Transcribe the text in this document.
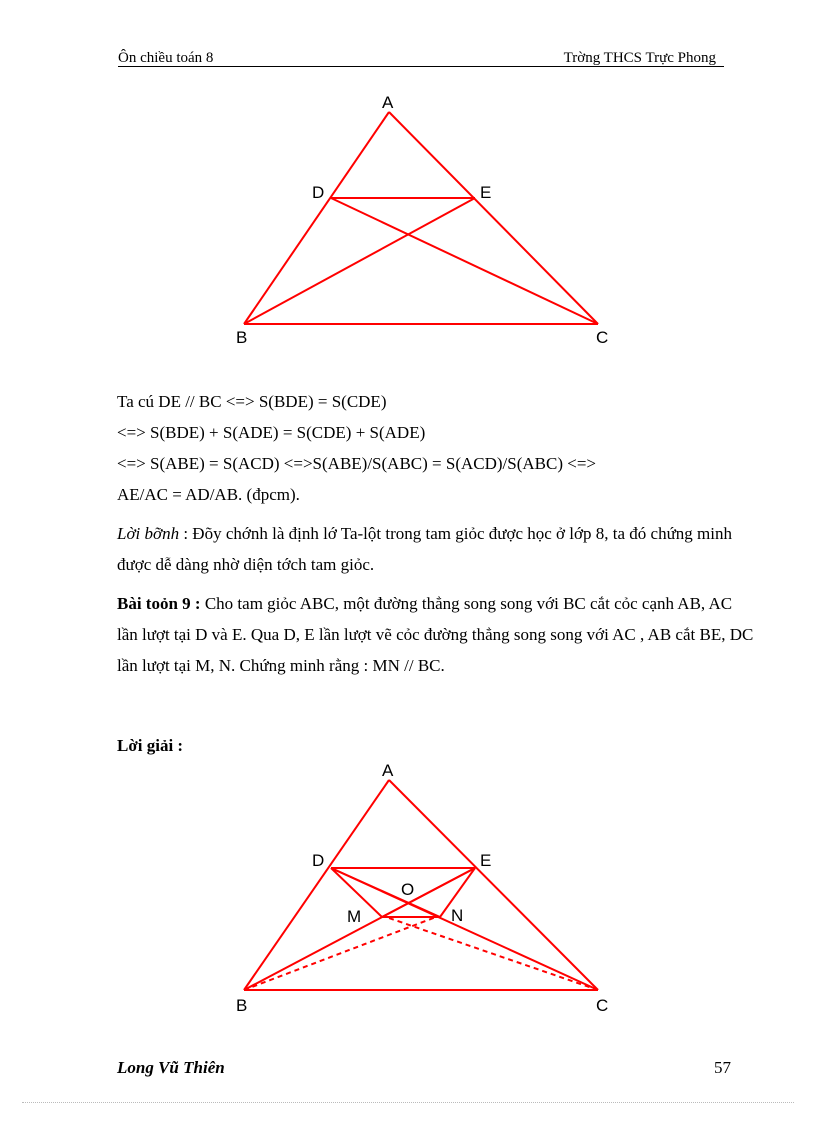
Ôn chiều toán 8	Trờng THCS Trực Phong
A
D	E
B	C

Ta cú DE // BC <=> S(BDE) = S(CDE)

<=> S(BDE) + S(ADE) = S(CDE) + S(ADE)

<=> S(ABE) = S(ACD) <=>S(ABE)/S(ABC) = S(ACD)/S(ABC) <=>

AE/AC = AD/AB. (đpcm).

Lời bỡnh : Đõy chớnh là định lớ Ta-lột trong tam giỏc được học ở lớp 8, ta đó chứng minh được dễ dàng nhờ diện tớch tam giỏc.

Bài toỏn 9 : Cho tam giỏc ABC, một đường thẳng song song với BC cắt cỏc cạnh AB, AC lần lượt tại D và E. Qua D, E lần lượt vẽ cỏc đường thẳng song song với AC , AB cắt BE, DC lần lượt tại M, N. Chứng minh rằng : MN // BC.

Lời giải :
A
D	E
O
M	N
B	C
Long Vũ Thiên	57
